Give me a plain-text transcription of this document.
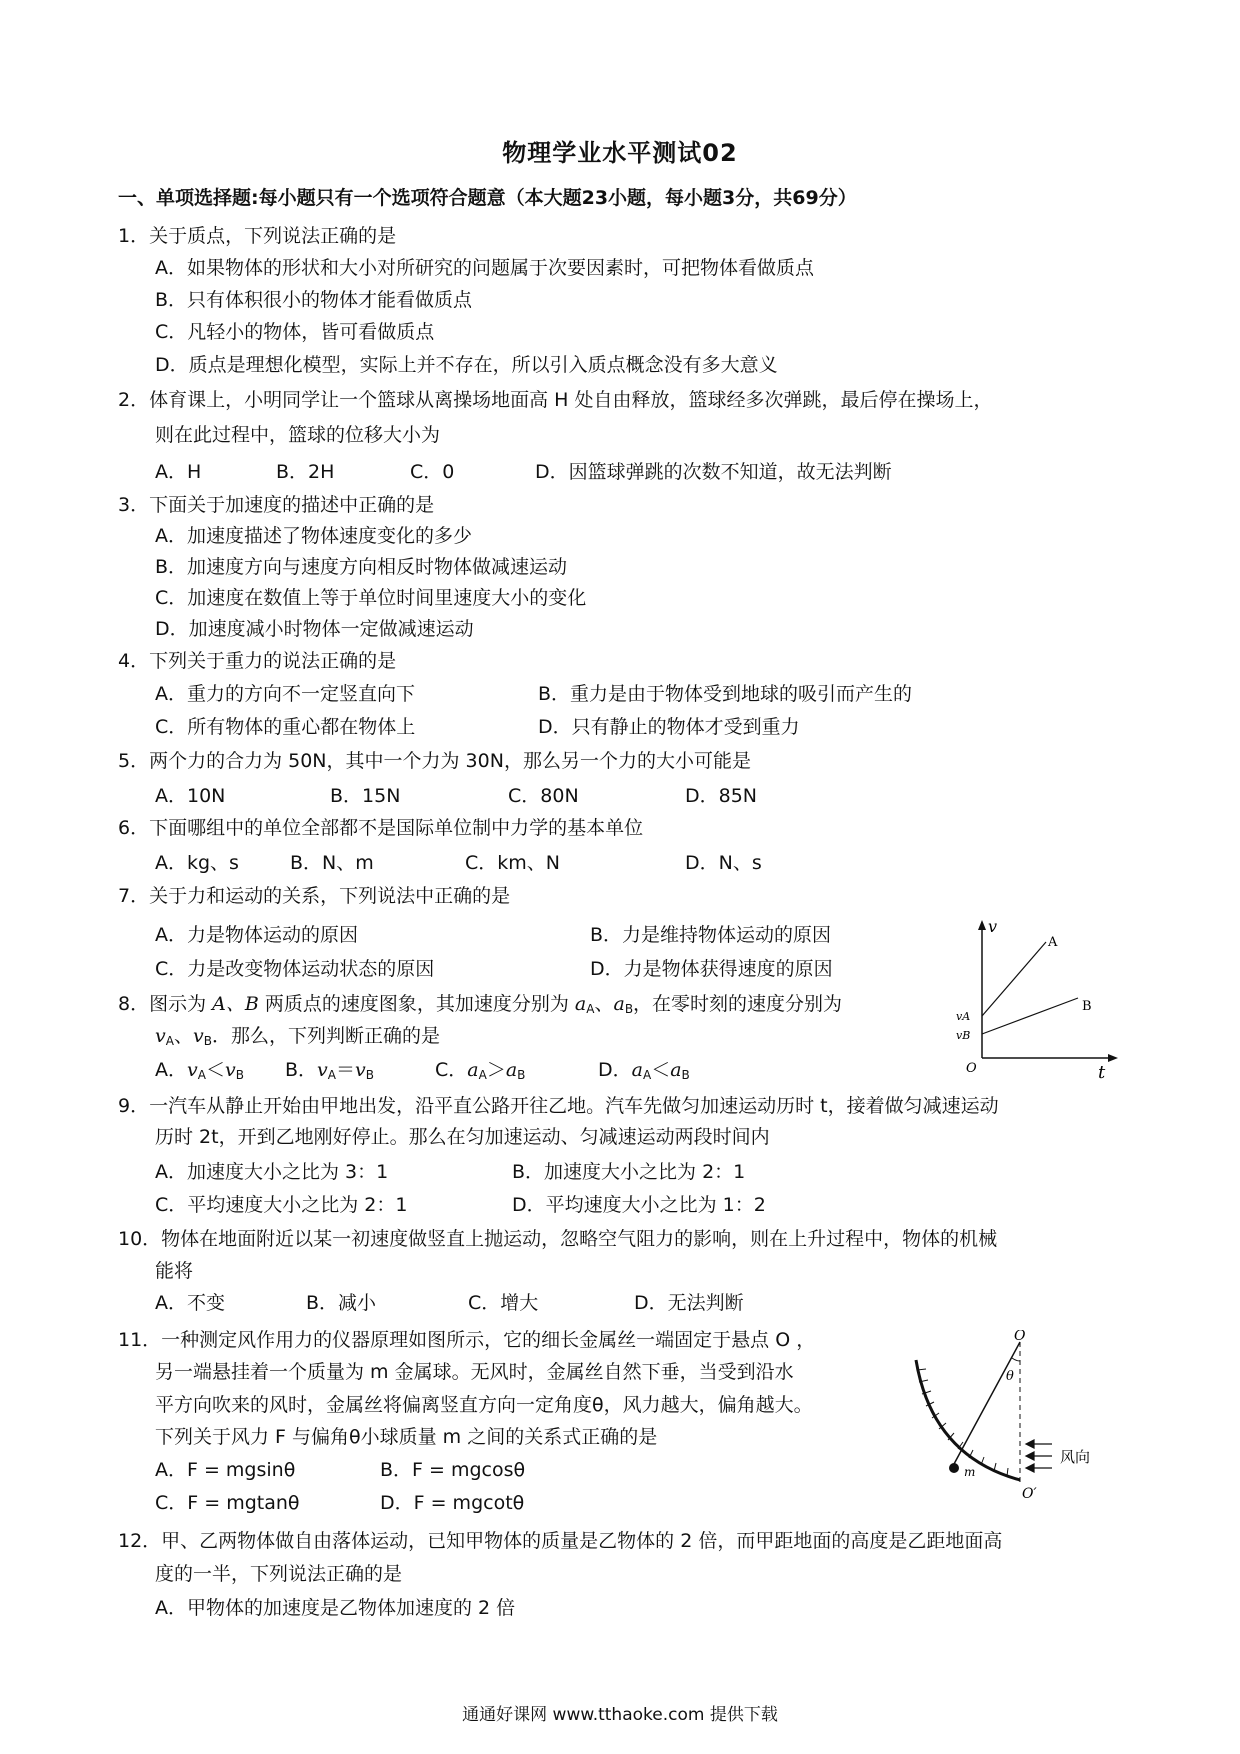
物理学业水平测试02
一、单项选择题:每小题只有一个选项符合题意（本大题23小题，每小题3分，共69分）
1．关于质点，下列说法正确的是
A．如果物体的形状和大小对所研究的问题属于次要因素时，可把物体看做质点
B．只有体积很小的物体才能看做质点
C．凡轻小的物体，皆可看做质点
D．质点是理想化模型，实际上并不存在，所以引入质点概念没有多大意义
2．体育课上，小明同学让一个篮球从离操场地面高 H 处自由释放，篮球经多次弹跳，最后停在操场上，
则在此过程中，篮球的位移大小为
A．H	B．2H	C．0	D．因篮球弹跳的次数不知道，故无法判断
3．下面关于加速度的描述中正确的是
A．加速度描述了物体速度变化的多少
B．加速度方向与速度方向相反时物体做减速运动
C．加速度在数值上等于单位时间里速度大小的变化
D．加速度减小时物体一定做减速运动
4．下列关于重力的说法正确的是
A．重力的方向不一定竖直向下	B．重力是由于物体受到地球的吸引而产生的
C．所有物体的重心都在物体上	D．只有静止的物体才受到重力
5．两个力的合力为 50N，其中一个力为 30N，那么另一个力的大小可能是
A．10N	B．15N	C．80N	D．85N
6．下面哪组中的单位全部都不是国际单位制中力学的基本单位
A．kg、s	B．N、m	C．km、N	D．N、s
7．关于力和运动的关系，下列说法中正确的是
A．力是物体运动的原因	B．力是维持物体运动的原因
C．力是改变物体运动状态的原因	D．力是物体获得速度的原因
8．图示为 A、B 两质点的速度图象，其加速度分别为 $a_A$、$a_B$，在零时刻的速度分别为
$v_A$、$v_B$．那么，下列判断正确的是
A．$v_A<v_B$ B．$v_A=v_B$	C．$a_A>a_B$	D．$a_A<a_B$
v
t
O
A
B
vA
vB
9．一汽车从静止开始由甲地出发，沿平直公路开往乙地。汽车先做匀加速运动历时 t，接着做匀减速运动
历时 2t，开到乙地刚好停止。那么在匀加速运动、匀减速运动两段时间内
A．加速度大小之比为 3：1	B．加速度大小之比为 2：1
C．平均速度大小之比为 2：1	D．平均速度大小之比为 1：2
10．物体在地面附近以某一初速度做竖直上抛运动，忽略空气阻力的影响，则在上升过程中，物体的机械
能将
A．不变	B．减小	C．增大	D．无法判断
11．一种测定风作用力的仪器原理如图所示，它的细长金属丝一端固定于悬点 O ，
另一端悬挂着一个质量为 m 金属球。无风时，金属丝自然下垂，当受到沿水
平方向吹来的风时，金属丝将偏离竖直方向一定角度θ，风力越大，偏角越大。
下列关于风力 F 与偏角θ小球质量 m 之间的关系式正确的是
A．F = mgsinθ	B．F = mgcosθ
C．F = mgtanθ	D．F = mgcotθ
O
θ
m
O′
风向
12．甲、乙两物体做自由落体运动，已知甲物体的质量是乙物体的 2 倍，而甲距地面的高度是乙距地面高
度的一半，下列说法正确的是
A．甲物体的加速度是乙物体加速度的 2 倍
通通好课网 www.tthaoke.com 提供下载
